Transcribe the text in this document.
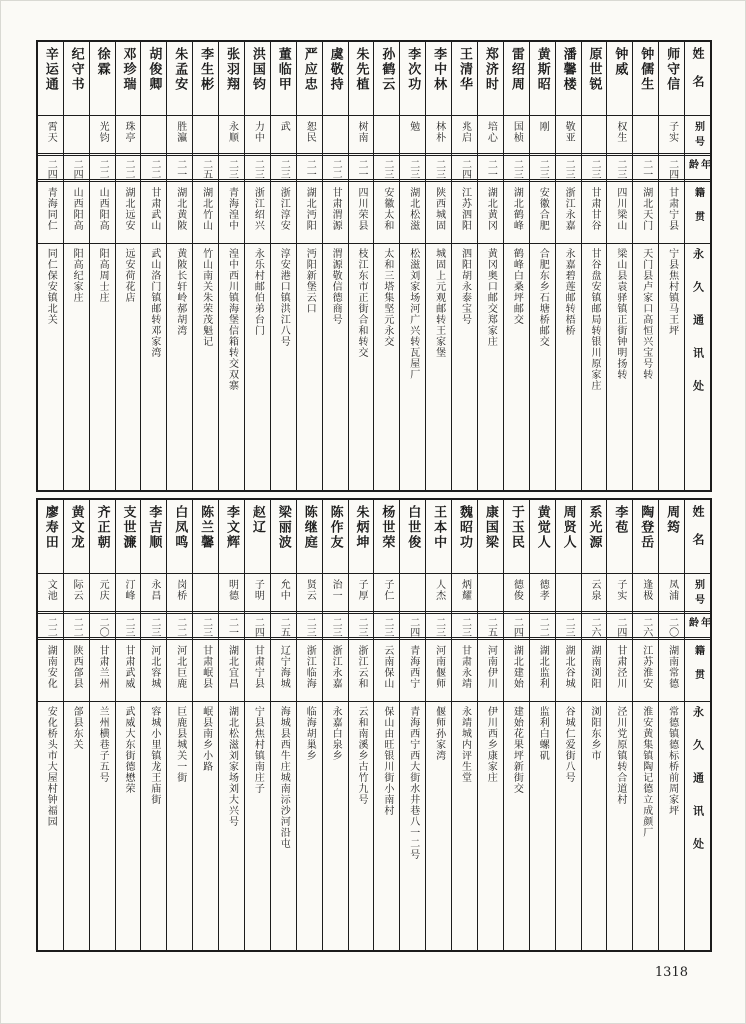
姓名
别号
年龄
籍贯
永久通讯处
师守信
子实
二四
甘肃宁县
宁县焦村镇马王坪
钟儒生
二一
湖北天门
天门县卢家口高恒兴宝号转
钟威
权生
二三
四川梁山
梁山县袁驿镇正街钟明扬转
原世锐
二三
甘肃甘谷
甘谷盘安镇邮局转银川原家庄
潘馨楼
敬亚
二三
浙江永嘉
永嘉碧莲邮转梧桥
黄斯昭
刚
二三
安徽合肥
合肥东乡石塘桥邮交
雷绍周
国桢
二三
湖北鹤峰
鹤峰白桑坪邮交
郑济时
培心
二一
湖北黄冈
黄冈奥口邮交郑家庄
王清华
兆启
二四
江苏泗阳
泗阳胡永泰宝号
李中林
林朴
二三
陕西城固
城固上元观邮转王家堡
李次功
勉
二三
湖北松滋
松滋刘家场河广兴转瓦屋厂
孙鹤云
二三
安徽太和
太和三塔集坚元永交
朱先植
树南
二一
四川荣县
枝江东市正街合和转交
虞敬持
二二
甘肃渭源
渭源敬信德商号
严应忠
恕民
二一
湖北沔阳
沔阳新堡云口
董临甲
武
二三
浙江淳安
淳安港口镇洪江八号
洪国钧
力中
二三
浙江绍兴
永乐村邮伯弟台门
张羽翔
永顺
二三
青海湟中
湟中西川镇海堡信箱转交双寨
李生彬
二五
湖北竹山
竹山南关朱荣茂魁记
朱孟安
胜瀛
二一
湖北黄陂
黄陂长轩岭郝胡湾
胡俊卿
二二
甘肃武山
武山洛门镇邮转邓家湾
邓珍瑞
珠亭
二二
湖北远安
远安荷花店
徐霖
光钧
二二
山西阳高
阳高周士庄
纪守书
二四
山西阳高
阳高纪家庄
辛运通
霄天
二四
青海同仁
同仁保安镇北关
姓名
别号
年龄
籍贯
永久通讯处
周筠
凤浦
二〇
湖南常德
常德镇德标桥前周家坪
陶登岳
逢极
二六
江苏淮安
淮安黄集镇陶记德立成颜厂
李苞
子实
二四
甘肃泾川
泾川党原镇转合道村
系光源
云泉
二六
湖南浏阳
浏阳东乡市
周贤人
二三
湖北谷城
谷城仁爱街八号
黄觉人
德孝
二二
湖北监利
监利白螺矶
于玉民
德俊
二四
湖北建始
建始花果坪新街交
康国梁
二五
河南伊川
伊川西乡康家庄
魏昭功
炳耀
二三
甘肃永靖
永靖城内评生堂
王本中
人杰
二三
河南偃师
偃师孙家湾
白世俊
二四
青海西宁
青海西宁西大街水井巷八一二号
杨世荣
子仁
二三
云南保山
保山由旺银川街小南村
朱炳坤
子厚
二三
浙江云和
云和南溪乡古竹九号
陈作友
治一
二三
浙江永嘉
永嘉白泉乡
陈继庭
贤云
二三
浙江临海
临海胡巢乡
梁丽波
允中
二五
辽宁海城
海城县西牛庄城南沶沙河沿屯
赵辽
子明
二四
甘肃宁县
宁县焦村镇南庄子
李文辉
明德
二一
湖北宜昌
湖北松滋刘家场刘大兴号
陈兰馨
二三
甘肃岷县
岷县南乡小路
白凤鸣
岗桥
二二
河北巨鹿
巨鹿县城关一街
李吉顺
永昌
二三
河北容城
容城小里镇龙王庙街
支世濂
汀峰
二三
甘肃武威
武威大东街德懋荣
齐正朝
元庆
二〇
甘肃兰州
兰州横巷子五号
黄文龙
际云
二二
陕西郃县
郃县东关
廖寿田
文池
二二
湖南安化
安化桥头市大屋村钟福园
1318
